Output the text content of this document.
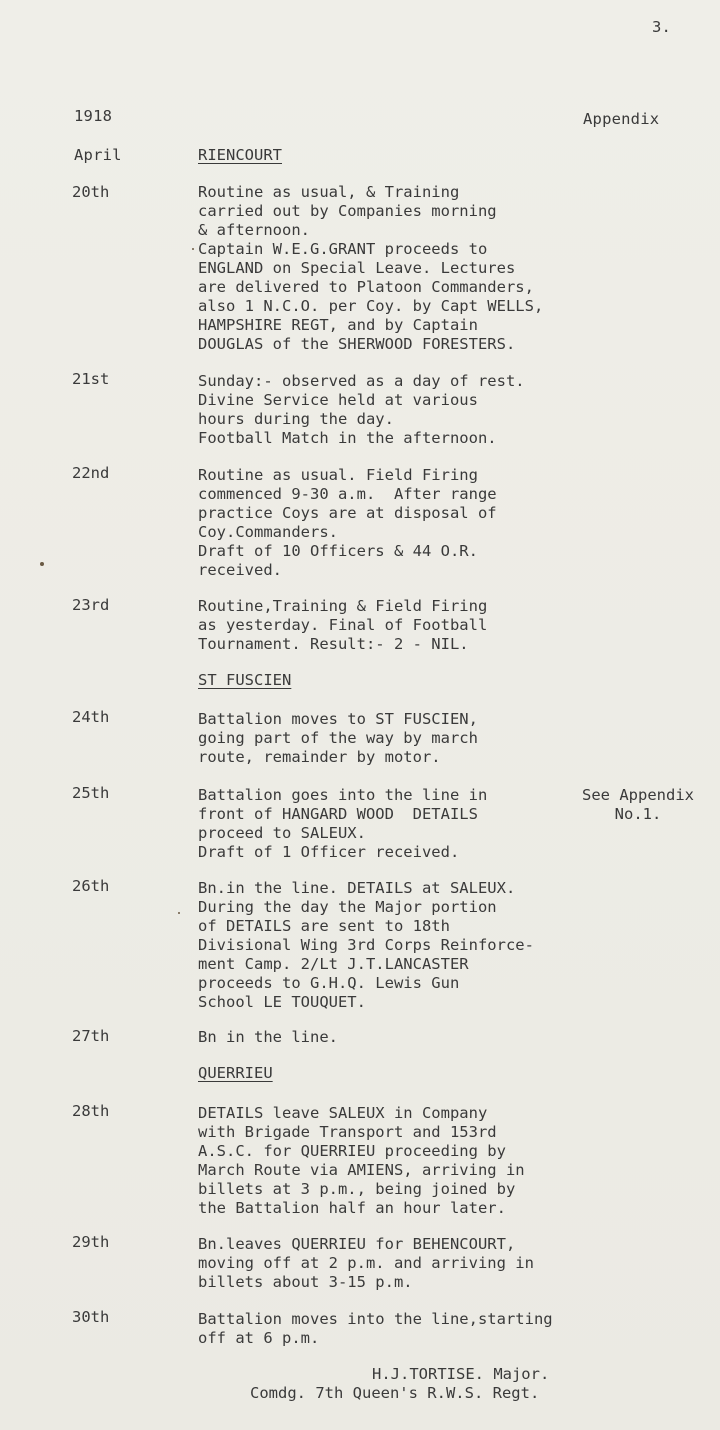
3.
1918	Appendix
April	RIENCOURT
20th	Routine as usual, & Training
carried out by Companies morning
& afternoon.
Captain W.E.G.GRANT proceeds to
ENGLAND on Special Leave. Lectures
are delivered to Platoon Commanders,
also 1 N.C.O. per Coy. by Capt WELLS,
HAMPSHIRE REGT, and by Captain
DOUGLAS of the SHERWOOD FORESTERS.
21st	Sunday:- observed as a day of rest.
Divine Service held at various
hours during the day.
Football Match in the afternoon.
22nd	Routine as usual. Field Firing
commenced 9-30 a.m.  After range
practice Coys are at disposal of
Coy.Commanders.
Draft of 10 Officers & 44 O.R.
received.
23rd	Routine,Training & Field Firing
as yesterday. Final of Football
Tournament. Result:- 2 - NIL.
ST FUSCIEN
24th	Battalion moves to ST FUSCIEN,
going part of the way by march
route, remainder by motor.
25th	Battalion goes into the line in
front of HANGARD WOOD  DETAILS
proceed to SALEUX.
Draft of 1 Officer received.
See Appendix
No.1.
26th	Bn.in the line. DETAILS at SALEUX.
During the day the Major portion
of DETAILS are sent to 18th
Divisional Wing 3rd Corps Reinforce-
ment Camp. 2/Lt J.T.LANCASTER
proceeds to G.H.Q. Lewis Gun
School LE TOUQUET.
27th	Bn in the line.
QUERRIEU
28th	DETAILS leave SALEUX in Company
with Brigade Transport and 153rd
A.S.C. for QUERRIEU proceeding by
March Route via AMIENS, arriving in
billets at 3 p.m., being joined by
the Battalion half an hour later.
29th	Bn.leaves QUERRIEU for BEHENCOURT,
moving off at 2 p.m. and arriving in
billets about 3-15 p.m.
30th	Battalion moves into the line,starting
off at 6 p.m.
H.J.TORTISE. Major.
Comdg. 7th Queen's R.W.S. Regt.
